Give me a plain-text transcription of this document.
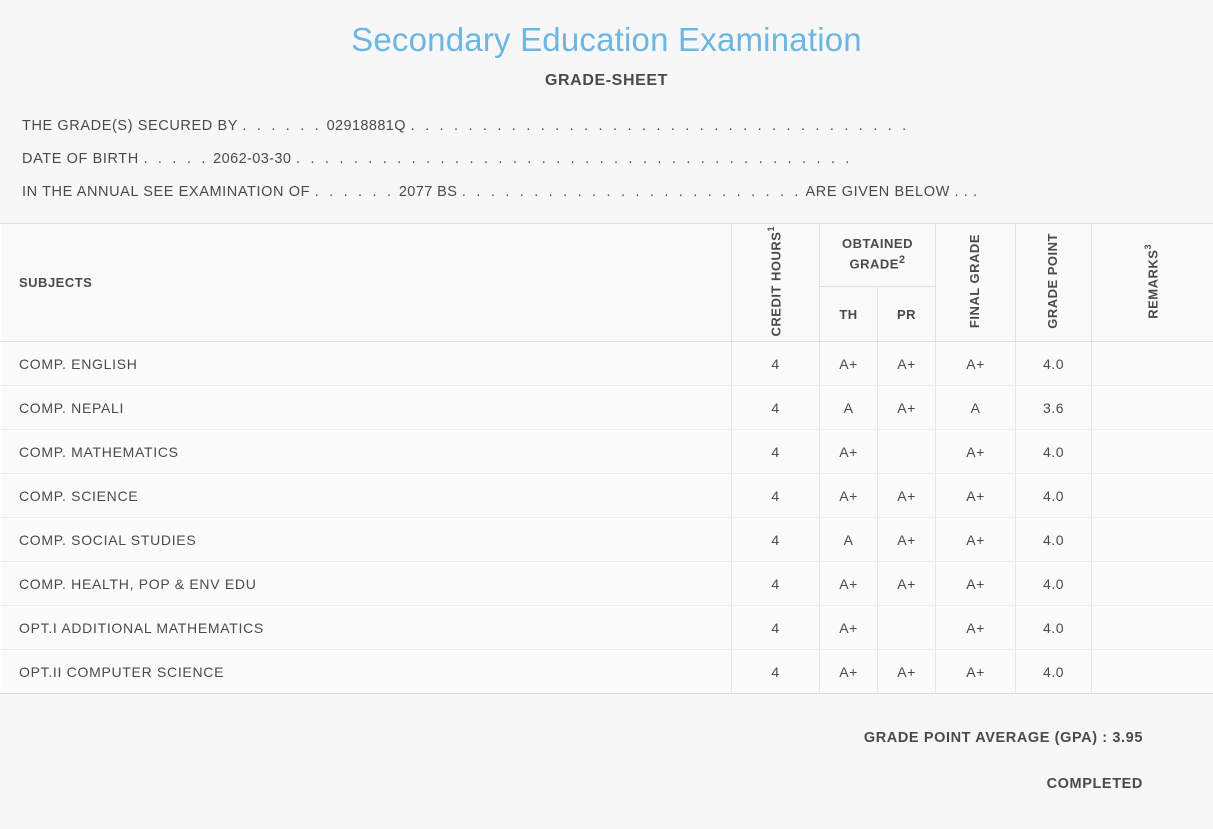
Secondary Education Examination
GRADE-SHEET
THE GRADE(S) SECURED BY . . . . . . 02918881Q . . . . . . . . . . . . . . . . . . . . . . . . . . . . . . . . . . .
DATE OF BIRTH . . . . . 2062-03-30 . . . . . . . . . . . . . . . . . . . . . . . . . . . . . . . . . . . . . . .
IN THE ANNUAL SEE EXAMINATION OF . . . . . . 2077 BS . . . . . . . . . . . . . . . . . . . . . . . . ARE GIVEN BELOW . . .
SUBJECTS	CREDIT HOURS$^1$	OBTAINED GRADE$^2$		FINAL GRADE	GRADE POINT	REMARKS$^3$
		TH	PR			
COMP. ENGLISH	4	A+	A+	A+	4.0	
COMP. NEPALI	4	A	A+	A	3.6	
COMP. MATHEMATICS	4	A+		A+	4.0	
COMP. SCIENCE	4	A+	A+	A+	4.0	
COMP. SOCIAL STUDIES	4	A	A+	A+	4.0	
COMP. HEALTH, POP & ENV EDU	4	A+	A+	A+	4.0	
OPT.I ADDITIONAL MATHEMATICS	4	A+		A+	4.0	
OPT.II COMPUTER SCIENCE	4	A+	A+	A+	4.0	
GRADE POINT AVERAGE (GPA) : 3.95
COMPLETED
